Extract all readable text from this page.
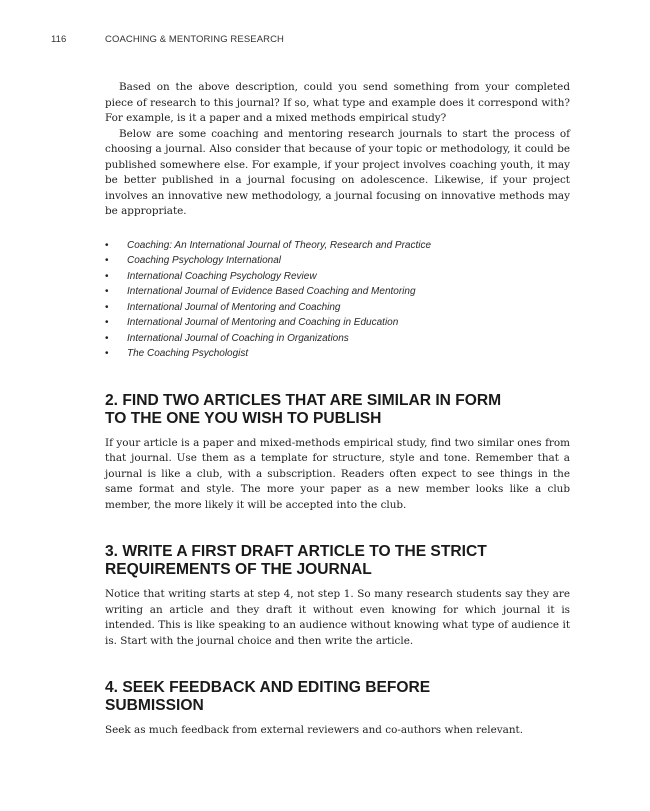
116	COACHING & MENTORING RESEARCH

Based on the above description, could you send something from your completed piece of research to this journal? If so, what type and example does it correspond with? For example, is it a paper and a mixed methods empirical study?

Below are some coaching and mentoring research journals to start the process of choosing a journal. Also consider that because of your topic or methodology, it could be published somewhere else. For example, if your project involves coaching youth, it may be better published in a journal focusing on adolescence. Likewise, if your project involves an innovative new methodology, a journal focusing on innovative methods may be appropriate.

• Coaching: An International Journal of Theory, Research and Practice
• Coaching Psychology International
• International Coaching Psychology Review
• International Journal of Evidence Based Coaching and Mentoring
• International Journal of Mentoring and Coaching
• International Journal of Mentoring and Coaching in Education
• International Journal of Coaching in Organizations
• The Coaching Psychologist
2. FIND TWO ARTICLES THAT ARE SIMILAR IN FORM TO THE ONE YOU WISH TO PUBLISH

If your article is a paper and mixed-methods empirical study, find two similar ones from that journal. Use them as a template for structure, style and tone. Remember that a journal is like a club, with a subscription. Readers often expect to see things in the same format and style. The more your paper as a new member looks like a club member, the more likely it will be accepted into the club.

3. WRITE A FIRST DRAFT ARTICLE TO THE STRICT REQUIREMENTS OF THE JOURNAL

Notice that writing starts at step 4, not step 1. So many research students say they are writing an article and they draft it without even knowing for which journal it is intended. This is like speaking to an audience without knowing what type of audience it is. Start with the journal choice and then write the article.

4. SEEK FEEDBACK AND EDITING BEFORE SUBMISSION

Seek as much feedback from external reviewers and co-authors when relevant.
